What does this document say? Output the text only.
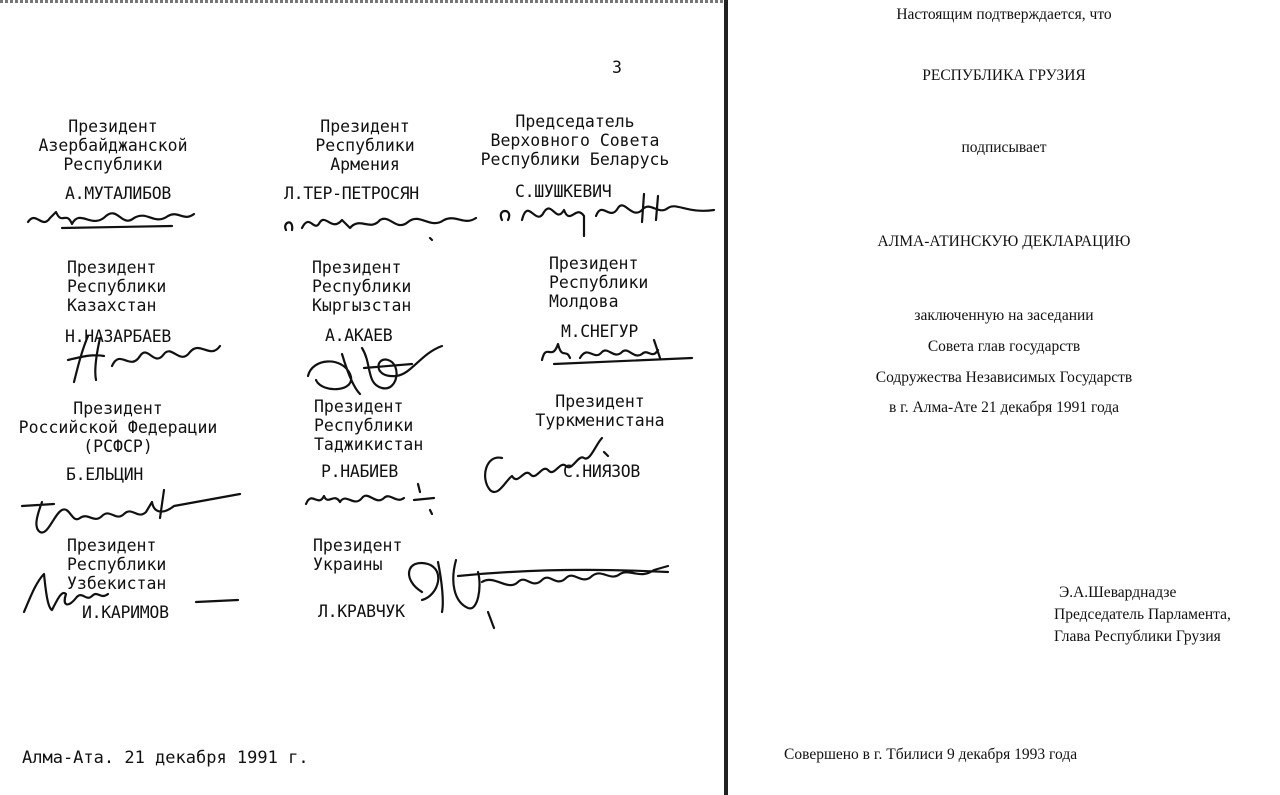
3
Президент
Азербайджанской
Республики
А.МУТАЛИБОВ
Президент
Республики
Армения
Л.ТЕР-ПЕТРОСЯН
Председатель
Верховного Совета
Республики Беларусь
С.ШУШКЕВИЧ
Президент
Республики
Казахстан
Н.НАЗАРБАЕВ
Президент
Республики
Кыргызстан
А.АКАЕВ
Президент
Республики
Молдова
М.СНЕГУР
Президент
Российской Федерации
(РСФСР)
Б.ЕЛЬЦИН
Президент
Республики
Таджикистан
Р.НАБИЕВ
Президент
Туркменистана
С.НИЯЗОВ
Президент
Республики
Узбекистан
И.КАРИМОВ
Президент
Украины
Л.КРАВЧУК
Алма-Ата. 21 декабря 1991 г.
Настоящим подтверждается, что
РЕСПУБЛИКА ГРУЗИЯ
подписывает
АЛМА-АТИНСКУЮ ДЕКЛАРАЦИЮ
заключенную на заседании
Совета глав государств
Содружества Независимых Государств
в г. Алма-Ате 21 декабря 1991 года
Э.А.Шеварднадзе
Председатель Парламента,
Глава Республики Грузия
Совершено в г. Тбилиси 9 декабря 1993 года
